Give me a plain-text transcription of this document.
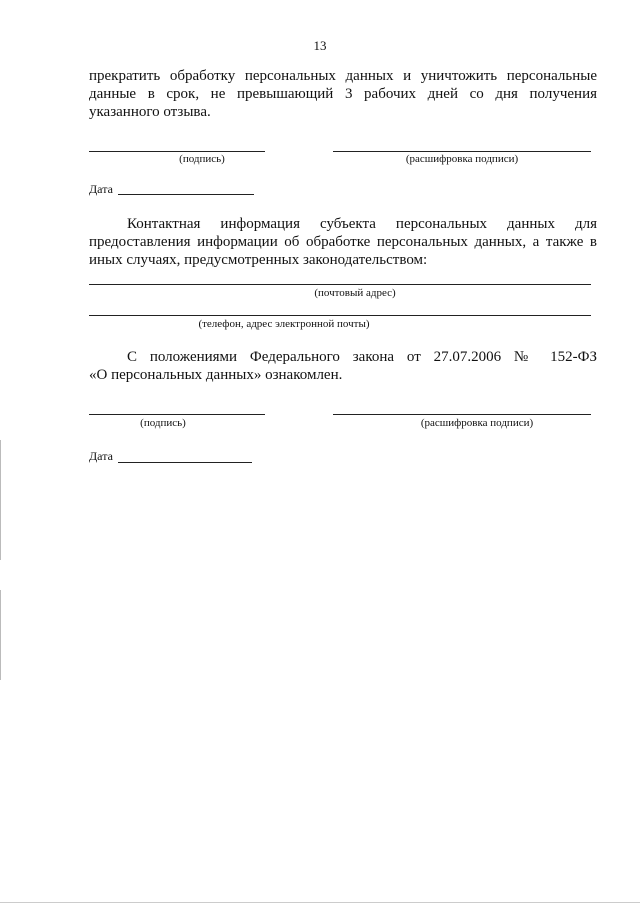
13
прекратить обработку персональных данных и уничтожить персональные
данные в срок, не превышающий 3 рабочих дней со дня получения
указанного отзыва.
(подпись)	(расшифровка подписи)
Дата
Контактная информация субъекта персональных данных для
предоставления информации об обработке персональных данных, а также в
иных случаях, предусмотренных законодательством:
(почтовый адрес)
(телефон, адрес электронной почты)
С положениями Федерального закона от 27.07.2006 № 152-ФЗ
«О персональных данных» ознакомлен.
(подпись)	(расшифровка подписи)
Дата
